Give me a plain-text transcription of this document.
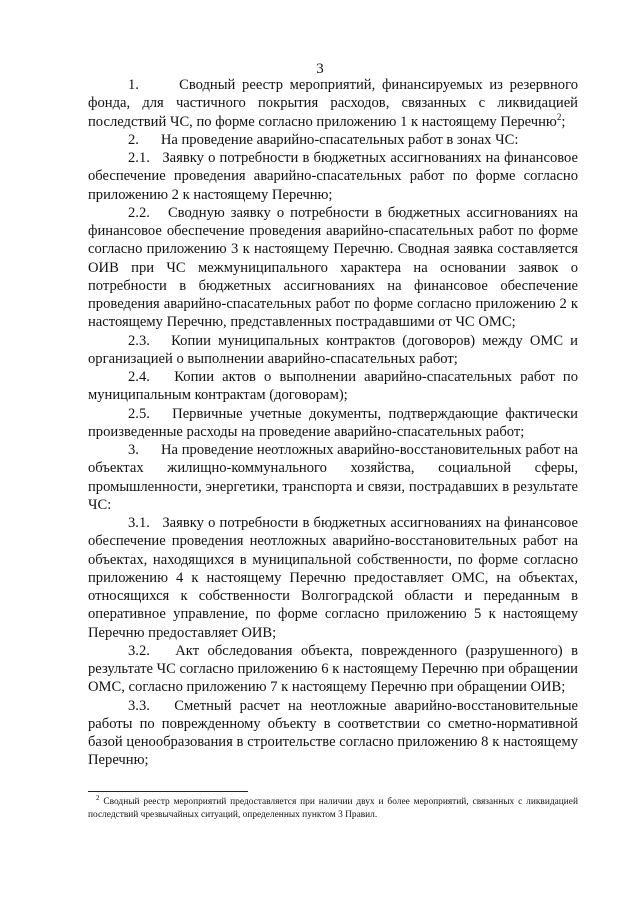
3

1.      Сводный реестр мероприятий, финансируемых из резервного фонда, для частичного покрытия расходов, связанных с ликвидацией последствий ЧС, по форме согласно приложению 1 к настоящему Перечню$^2$;

2.      На проведение аварийно-спасательных работ в зонах ЧС:

2.1.   Заявку о потребности в бюджетных ассигнованиях на финансовое обеспечение проведения аварийно-спасательных работ по форме согласно приложению 2 к настоящему Перечню;

2.2.   Сводную заявку о потребности в бюджетных ассигнованиях на финансовое обеспечение проведения аварийно-спасательных работ по форме согласно приложению 3 к настоящему Перечню. Сводная заявка составляется ОИВ при ЧС межмуниципального характера на основании заявок о потребности в бюджетных ассигнованиях на финансовое обеспечение проведения аварийно-спасательных работ по форме согласно приложению 2 к настоящему Перечню, представленных пострадавшими от ЧС ОМС;

2.3.   Копии муниципальных контрактов (договоров) между ОМС и организацией о выполнении аварийно-спасательных работ;

2.4.   Копии актов о выполнении аварийно-спасательных работ по муниципальным контрактам (договорам);

2.5.   Первичные учетные документы, подтверждающие фактически произведенные расходы на проведение аварийно-спасательных работ;

3.      На проведение неотложных аварийно-восстановительных работ на объектах жилищно-коммунального хозяйства, социальной сферы, промышленности, энергетики, транспорта и связи, пострадавших в результате ЧС:

3.1.   Заявку о потребности в бюджетных ассигнованиях на финансовое обеспечение проведения неотложных аварийно-восстановительных работ на объектах, находящихся в муниципальной собственности, по форме согласно приложению 4 к настоящему Перечню предоставляет ОМС, на объектах, относящихся к собственности Волгоградской области и переданным в оперативное управление, по форме согласно приложению 5 к настоящему Перечню предоставляет ОИВ;

3.2.   Акт обследования объекта, поврежденного (разрушенного) в результате ЧС согласно приложению 6 к настоящему Перечню при обращении ОМС, согласно приложению 7 к настоящему Перечню при обращении ОИВ;

3.3.   Сметный расчет на неотложные аварийно-восстановительные работы по поврежденному объекту в соответствии со сметно-нормативной базой ценообразования в строительстве согласно приложению 8 к настоящему Перечню;

$^2$ Сводный реестр мероприятий предоставляется при наличии двух и более мероприятий, связанных с ликвидацией последствий чрезвычайных ситуаций, определенных пунктом 3 Правил.
